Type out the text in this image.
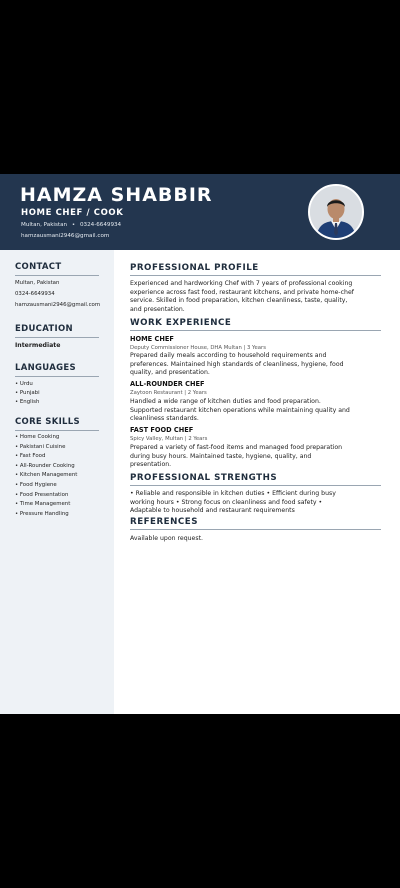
HAMZA SHABBIR
HOME CHEF / COOK
Multan, Pakistan • 0324-6649934
hamzausmani2946@gmail.com
CONTACT
Multan, Pakistan
0324-6649934
hamzausmani2946@gmail.com
EDUCATION
Intermediate
LANGUAGES
• Urdu
• Punjabi
• English
CORE SKILLS
• Home Cooking
• Pakistani Cuisine
• Fast Food
• All-Rounder Cooking
• Kitchen Management
• Food Hygiene
• Food Presentation
• Time Management
• Pressure Handling
PROFESSIONAL PROFILE
Experienced and hardworking Chef with 7 years of professional cooking experience across fast food, restaurant kitchens, and private home-chef service. Skilled in food preparation, kitchen cleanliness, taste, quality, and presentation.
WORK EXPERIENCE
HOME CHEF
Deputy Commissioner House, DHA Multan | 3 Years
Prepared daily meals according to household requirements and preferences. Maintained high standards of cleanliness, hygiene, food quality, and presentation.
ALL-ROUNDER CHEF
Zaytoon Restaurant | 2 Years
Handled a wide range of kitchen duties and food preparation. Supported restaurant kitchen operations while maintaining quality and cleanliness standards.
FAST FOOD CHEF
Spicy Valley, Multan | 2 Years
Prepared a variety of fast-food items and managed food preparation during busy hours. Maintained taste, hygiene, quality, and presentation.
PROFESSIONAL STRENGTHS
• Reliable and responsible in kitchen duties • Efficient during busy working hours • Strong focus on cleanliness and food safety • Adaptable to household and restaurant requirements
REFERENCES
Available upon request.
